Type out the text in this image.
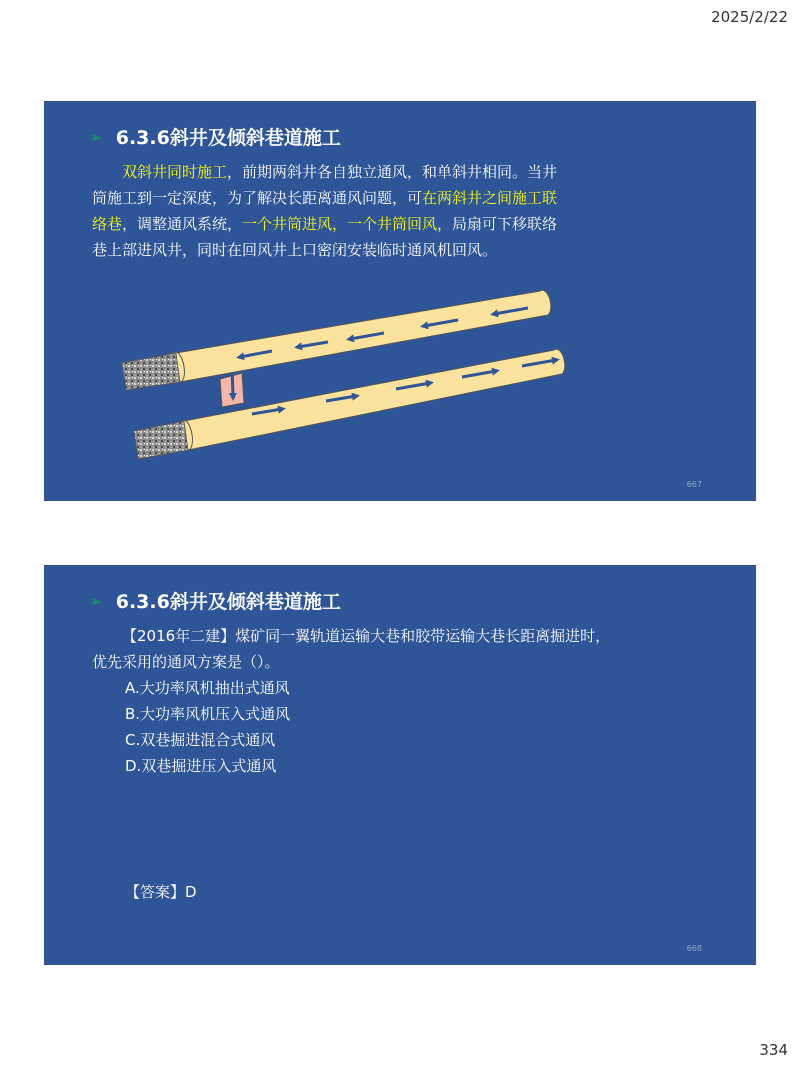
2025/2/22
➢ 6.3.6斜井及倾斜巷道施工
双斜井同时施工，前期两斜井各自独立通风，和单斜井相同。当井筒施工到一定深度，为了解决长距离通风问题，可在两斜井之间施工联络巷，调整通风系统，一个井筒进风，一个井筒回风，局扇可下移联络巷上部进风井，同时在回风井上口密闭安装临时通风机回风。
667
➢ 6.3.6斜井及倾斜巷道施工
【2016年二建】煤矿同一翼轨道运输大巷和胶带运输大巷长距离掘进时，优先采用的通风方案是（）。
A.大功率风机抽出式通风
B.大功率风机压入式通风
C.双巷掘进混合式通风
D.双巷掘进压入式通风
【答案】D
668
334
